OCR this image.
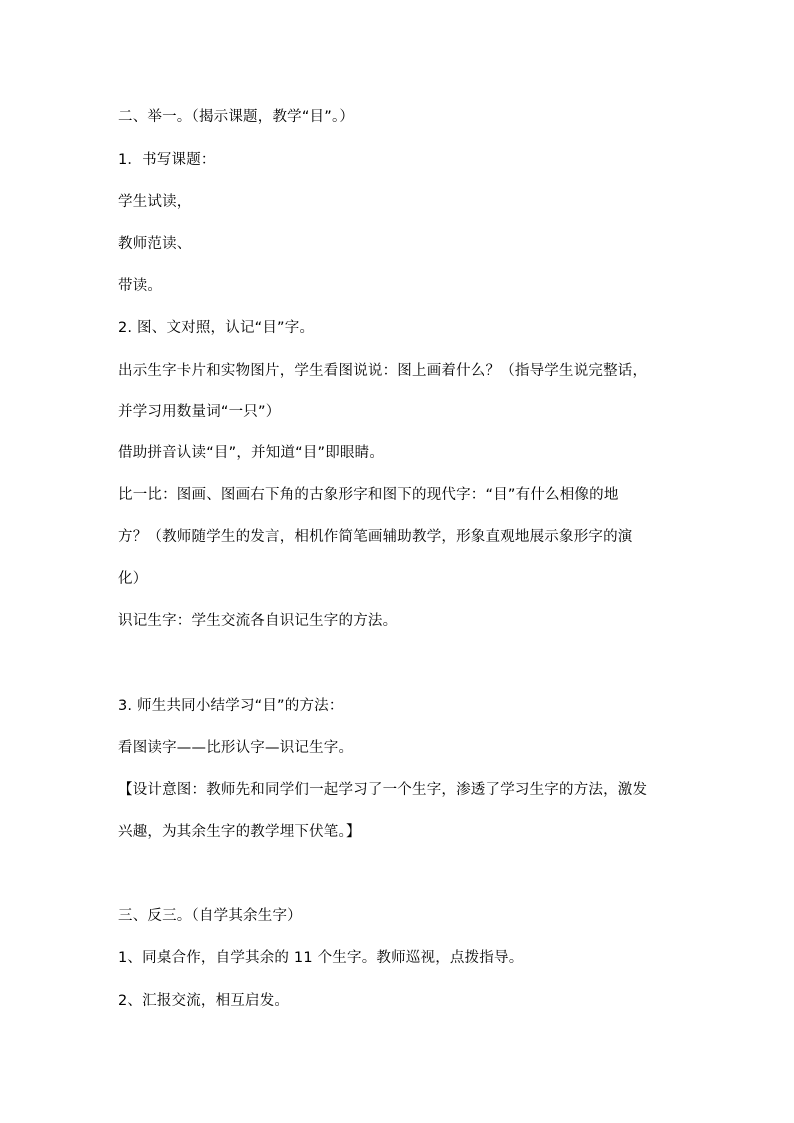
二、举一。（揭示课题，教学“目”。）
1．书写课题：
学生试读，
教师范读、
带读。
2. 图、文对照，认记“目”字。
出示生字卡片和实物图片，学生看图说说：图上画着什么？（指导学生说完整话，
并学习用数量词“一只”）
借助拼音认读“目”，并知道“目”即眼睛。
比一比：图画、图画右下角的古象形字和图下的现代字：“目”有什么相像的地
方？（教师随学生的发言，相机作简笔画辅助教学，形象直观地展示象形字的演
化）
识记生字：学生交流各自识记生字的方法。
3. 师生共同小结学习“目”的方法：
看图读字——比形认字—识记生字。
【设计意图：教师先和同学们一起学习了一个生字，渗透了学习生字的方法，激发
兴趣，为其余生字的教学埋下伏笔。】
三、反三。（自学其余生字）
1、同桌合作，自学其余的 11 个生字。教师巡视，点拨指导。
2、汇报交流，相互启发。
